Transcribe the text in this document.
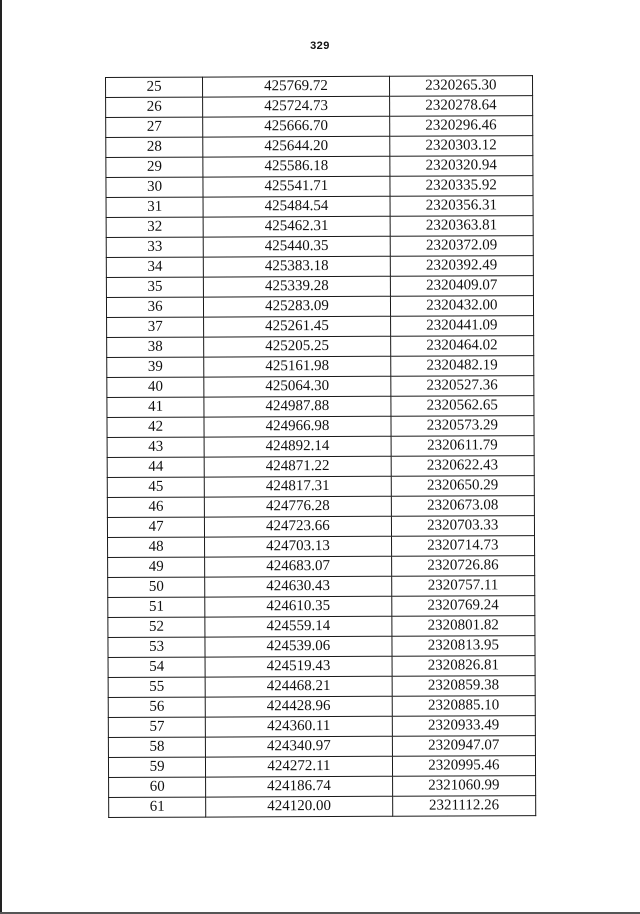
329
25	425769.72	2320265.30
26	425724.73	2320278.64
27	425666.70	2320296.46
28	425644.20	2320303.12
29	425586.18	2320320.94
30	425541.71	2320335.92
31	425484.54	2320356.31
32	425462.31	2320363.81
33	425440.35	2320372.09
34	425383.18	2320392.49
35	425339.28	2320409.07
36	425283.09	2320432.00
37	425261.45	2320441.09
38	425205.25	2320464.02
39	425161.98	2320482.19
40	425064.30	2320527.36
41	424987.88	2320562.65
42	424966.98	2320573.29
43	424892.14	2320611.79
44	424871.22	2320622.43
45	424817.31	2320650.29
46	424776.28	2320673.08
47	424723.66	2320703.33
48	424703.13	2320714.73
49	424683.07	2320726.86
50	424630.43	2320757.11
51	424610.35	2320769.24
52	424559.14	2320801.82
53	424539.06	2320813.95
54	424519.43	2320826.81
55	424468.21	2320859.38
56	424428.96	2320885.10
57	424360.11	2320933.49
58	424340.97	2320947.07
59	424272.11	2320995.46
60	424186.74	2321060.99
61	424120.00	2321112.26
